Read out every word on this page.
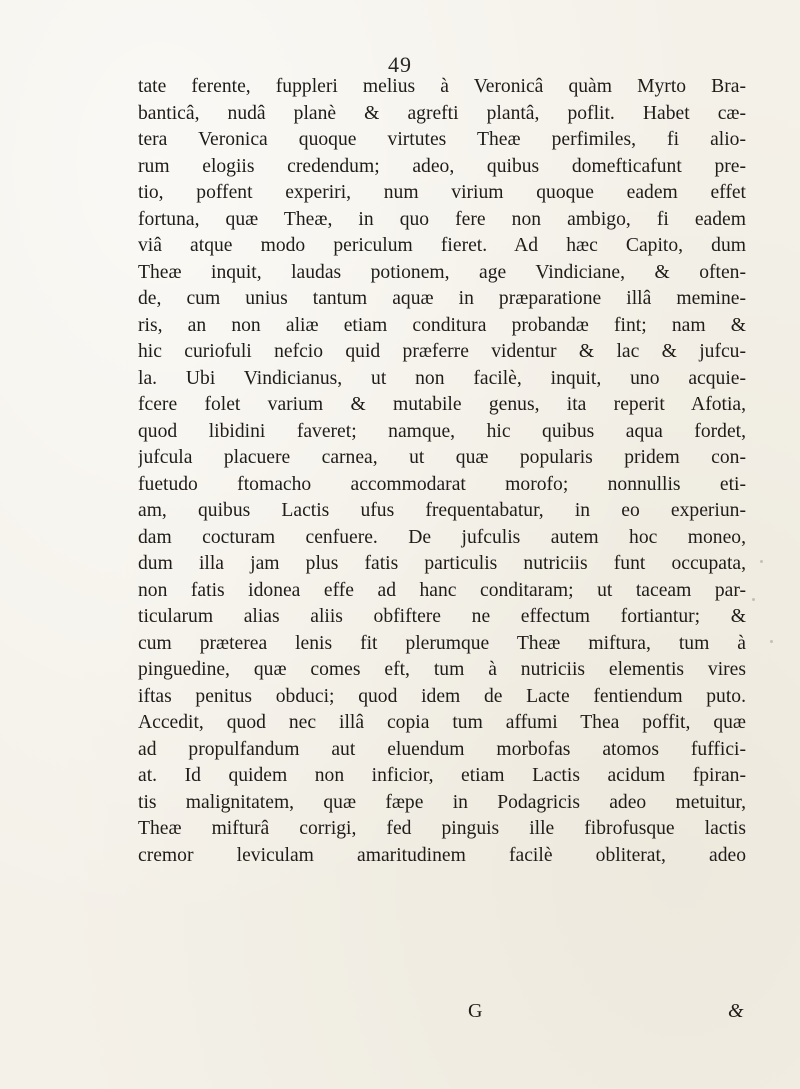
49
tate ferente, fuppleri melius à Veronicâ quàm Myrto Bra-
banticâ, nudâ planè & agrefti plantâ, poflit. Habet cæ-
tera Veronica quoque virtutes Theæ perfimiles, fi alio-
rum elogiis credendum; adeo, quibus domefticafunt pre-
tio, poffent experiri, num virium quoque eadem effet
fortuna, quæ Theæ, in quo fere non ambigo, fi eadem
viâ atque modo periculum fieret. Ad hæc Capito, dum
Theæ inquit, laudas potionem, age Vindiciane, & often-
de, cum unius tantum aquæ in præparatione illâ memine-
ris, an non aliæ etiam conditura probandæ fint; nam &
hic curiofuli nefcio quid præferre videntur & lac & jufcu-
la. Ubi Vindicianus, ut non facilè, inquit, uno acquie-
fcere folet varium & mutabile genus, ita reperit Afotia,
quod libidini faveret; namque, hic quibus aqua fordet,
jufcula placuere carnea, ut quæ popularis pridem con-
fuetudo ftomacho accommodarat morofo; nonnullis eti-
am, quibus Lactis ufus frequentabatur, in eo experiun-
dam cocturam cenfuere. De jufculis autem hoc moneo,
dum illa jam plus fatis particulis nutriciis funt occupata,
non fatis idonea effe ad hanc conditaram; ut taceam par-
ticularum alias aliis obfiftere ne effectum fortiantur; &
cum præterea lenis fit plerumque Theæ miftura, tum à
pinguedine, quæ comes eft, tum à nutriciis elementis vires
iftas penitus obduci; quod idem de Lacte fentiendum puto.
Accedit, quod nec illâ copia tum affumi Thea poffit, quæ
ad propulfandum aut eluendum morbofas atomos fuffici-
at. Id quidem non inficior, etiam Lactis acidum fpiran-
tis malignitatem, quæ fæpe in Podagricis adeo metuitur,
Theæ mifturâ corrigi, fed pinguis ille fibrofusque lactis
cremor leviculam amaritudinem facilè obliterat, adeo
G	&
